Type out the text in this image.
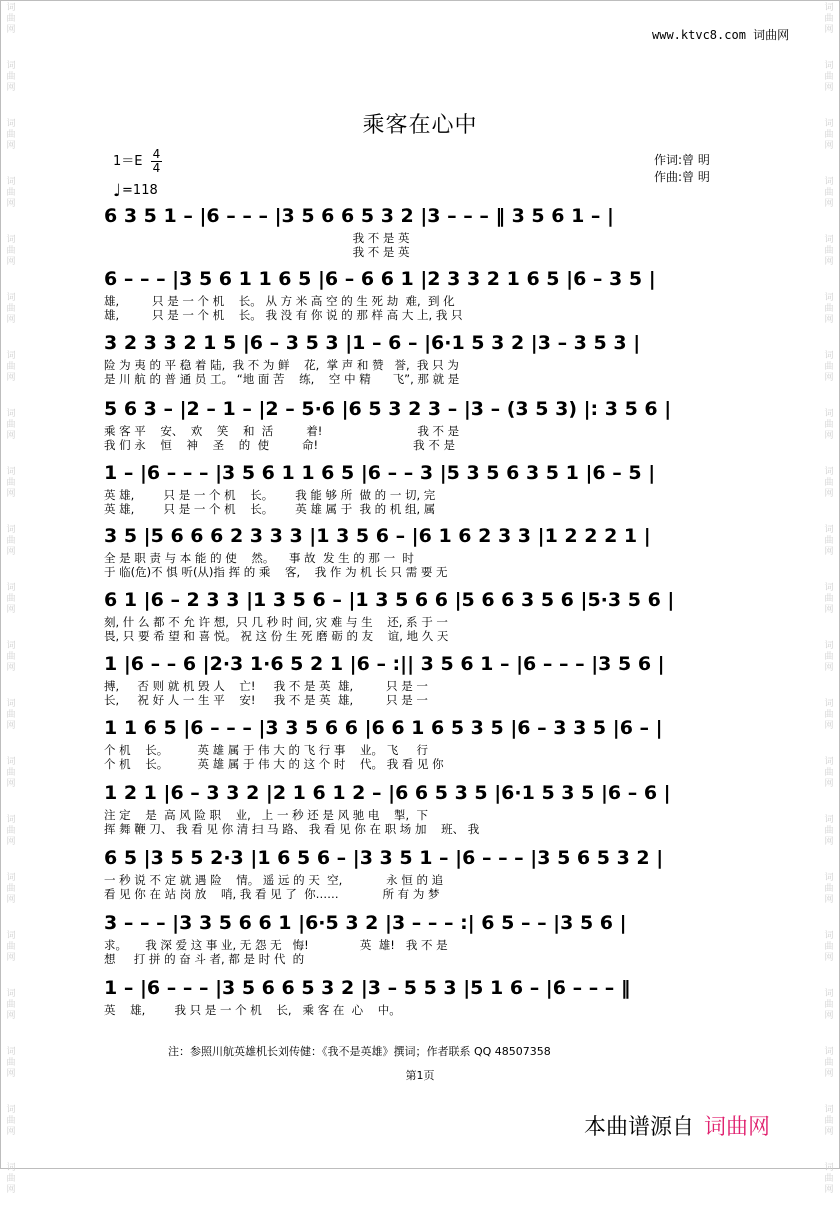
词
曲
网
词
曲
网
词
曲
网
词
曲
网
词
曲
网
词
曲
网
词
曲
网
词
曲
网
词
曲
网
词
曲
网
词
曲
网
词
曲
网
词
曲
网
词
曲
网
词
曲
网
词
曲
网
词
曲
网
词
曲
网
词
曲
网
词
曲
网
词
曲
网
词
曲
网
词
曲
网
词
曲
网
词
曲
网
词
曲
网
词
曲
网
词
曲
网
词
曲
网
词
曲
网
词
曲
网
词
曲
网
词
曲
网
词
曲
网
词
曲
网
词
曲
网
词
曲
网
词
曲
网
词
曲
网
词
曲
网
词
曲
网
词
曲
网
www.ktvc8.com 词曲网
乘客在心中
$1=E \frac{4}{4}$
♩=118
作词:曾 明
作曲:曾 明
6 3 5 1 – |6 – – – |3 5 6 6 5 3 2 |3 – – – ‖ 3 5 6 1 – |
我 不 是 英
我 不 是 英
6 – – – |3 5 6 1 1 6 5 |6 – 6 6 1 |2 3 3 2 1 6 5 |6 – 3 5 |
雄,         只 是 一 个 机    长。 从 方 米 高 空 的 生 死 劫  难,  到 化
雄,         只 是 一 个 机    长。 我 没 有 你 说 的 那 样 高 大 上, 我 只
3 2 3 3 2 1 5 |6 – 3 5 3 |1 – 6 – |6·1 5 3 2 |3 – 3 5 3 |
险 为 夷 的 平 稳 着 陆,  我 不 为 鲜    花,  掌 声 和 赞   誉,  我 只 为
是 川 航 的 普 通 员 工。 “地 面 苦    练,    空 中 精      飞”, 那 就 是
5 6 3 – |2 – 1 – |2 – 5·6 |6 5 3 2 3 – |3 – (3 5 3) |: 3 5 6 |
乘 客 平    安、  欢    笑    和  活         着!                          我 不 是
我 们 永    恒    神    圣    的  使         命!                          我 不 是
1 – |6 – – – |3 5 6 1 1 6 5 |6 – – 3 |5 3 5 6 3 5 1 |6 – 5 |
英 雄,        只 是 一 个 机    长。      我 能 够 所  做 的 一 切, 完
英 雄,        只 是 一 个 机    长。      英 雄 属 于  我 的 机 组, 属
3 5 |5 6 6 6 2 3 3 3 |1 3 5 6 – |6 1 6 2 3 3 |1 2 2 2 1 |
全 是 职 责 与 本 能 的 使    然。    事 故  发 生 的 那 一  时
于 临(危)不 惧 听(从)指 挥 的 乘    客,    我 作 为 机 长 只 需 要 无
6 1 |6 – 2 3 3 |1 3 5 6 – |1 3 5 6 6 |5 6 6 3 5 6 |5·3 5 6 |
刻, 什 么 都 不 允 许 想,  只 几 秒 时 间, 灾 难 与 生    还, 系 于 一
畏, 只 要 希 望 和 喜 悦。 祝 这 份 生 死 磨 砺 的 友    谊, 地 久 天
1 |6 – – 6 |2·3 1·6 5 2 1 |6 – :|| 3 5 6 1 – |6 – – – |3 5 6 |
搏,     否 则 就 机 毁 人    亡!     我 不 是 英  雄,         只 是 一
长,     祝 好 人 一 生 平    安!     我 不 是 英  雄,         只 是 一
1 1 6 5 |6 – – – |3 3 5 6 6 |6 6 1 6 5 3 5 |6 – 3 3 5 |6 – |
个 机    长。        英 雄 属 于 伟 大 的 飞 行 事    业。 飞     行
个 机    长。        英 雄 属 于 伟 大 的 这 个 时    代。 我 看 见 你
1 2 1 |6 – 3 3 2 |2 1 6 1 2 – |6 6 5 3 5 |6·1 5 3 5 |6 – 6 |
注 定    是  高 风 险 职    业,   上 一 秒 还 是 风 驰 电    掣,  下
挥 舞 鞭 刀、 我 看 见 你 清 扫 马 路、 我 看 见 你 在 职 场 加    班、 我
6 5 |3 5 5 2·3 |1 6 5 6 – |3 3 5 1 – |6 – – – |3 5 6 5 3 2 |
一 秒 说 不 定 就 遇 险    情。 遥 远 的 天  空,            永 恒 的 追
看 见 你 在 站 岗 放    哨, 我 看 见 了  你……            所 有 为 梦
3 – – – |3 3 5 6 6 1 |6·5 3 2 |3 – – – :| 6 5 – – |3 5 6 |
求。     我 深 爱 这 事 业, 无 怨 无   悔!              英  雄!   我 不 是
想     打 拼 的 奋 斗 者, 都 是 时 代  的
1 – |6 – – – |3 5 6 6 5 3 2 |3 – 5 5 3 |5 1 6 – |6 – – – ‖
英    雄,        我 只 是 一 个 机    长,   乘 客 在  心    中。
注：参照川航英雄机长刘传健：《我不是英雄》撰词；作者联系 QQ 48507358
第1页
本曲谱源自 词曲网
